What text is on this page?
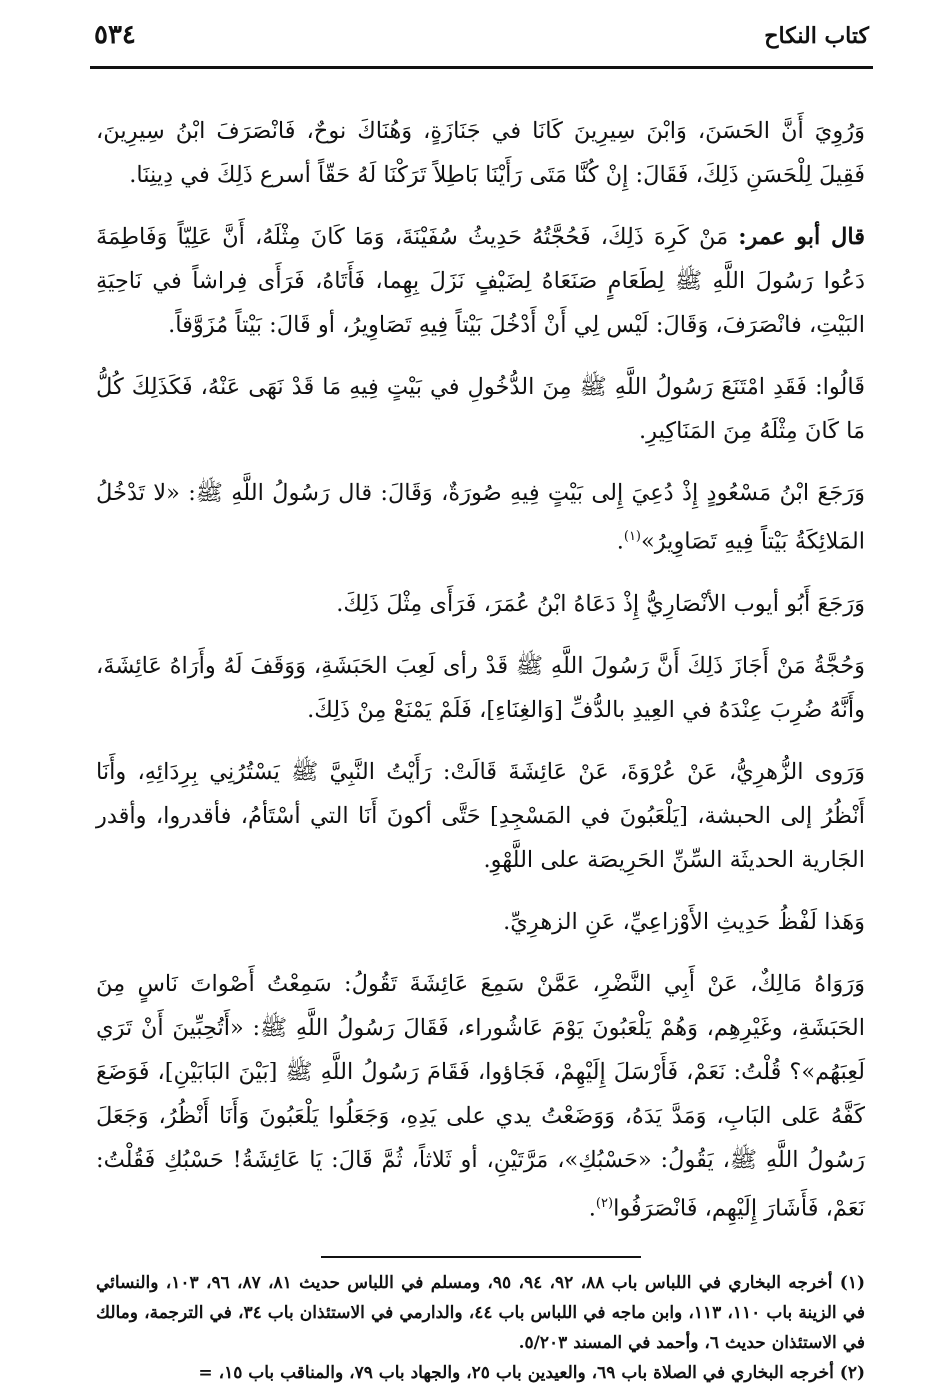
كتاب النكاح
٥٣٤

وَرُوِيَ أَنَّ الحَسَنَ، وَابْنَ سِيرِينَ كَانَا في جَنَازَةٍ، وَهُنَاكَ نوحٌ، فَانْصَرَفَ ابْنُ سِيرِينَ، فَقِيلَ لِلْحَسَنِ ذَلِكَ، فَقَالَ: إِنْ كُنَّا مَتَى رَأَيْنَا بَاطِلاً تَرَكْنَا لَهُ حَقّاً أسرع ذَلِكَ في دِينِنَا.

قال أبو عمر: مَنْ كَرِهَ ذَلِكَ، فَحُجَّتُهُ حَدِيثُ سُفَيْنَةَ، وَمَا كَانَ مِثْلَهُ، أَنَّ عَلِيّاً وَفَاطِمَةَ دَعُوا رَسُولَ اللَّهِ ﷺ لِطَعَامٍ صَنَعَاهُ لِضَيْفٍ نَزَلَ بِهِما، فَأَتَاهُ، فَرَأَى فِراشاً في نَاحِيَةِ البَيْتِ، فانْصَرَفَ، وَقَالَ: لَيْس لِي أَنْ أَدْخُلَ بَيْتاً فِيهِ تَصَاوِيرُ، أو قَالَ: بَيْتاً مُزَوَّقاً.

قَالُوا: فَقَدِ امْتَنَعَ رَسُولُ اللَّهِ ﷺ مِنَ الدُّخُولِ في بَيْتٍ فِيهِ مَا قَدْ نَهَى عَنْهُ، فَكَذَلِكَ كُلُّ مَا كَانَ مِثْلَهُ مِنَ المَنَاكِيرِ.

وَرَجَعَ ابْنُ مَسْعُودٍ إِذْ دُعِيَ إِلى بَيْتٍ فِيهِ صُورَةٌ، وَقَالَ: قال رَسُولُ اللَّهِ ﷺ: «لا تَدْخُلُ المَلائِكَةُ بَيْتاً فِيهِ تَصَاوِيرُ»$^{(١)}$.

وَرَجَعَ أَبُو أيوب الأنْصَارِيُّ إِذْ دَعَاهُ ابْنُ عُمَرَ، فَرَأَى مِثْلَ ذَلِكَ.

وَحُجَّةُ مَنْ أَجَازَ ذَلِكَ أَنَّ رَسُولَ اللَّهِ ﷺ قَدْ رأى لَعِبَ الحَبَشَةِ، وَوَقَفَ لَهُ وأَرَاهُ عَائِشَةَ، وأَنَّهُ ضُرِبَ عِنْدَهُ في العِيدِ بالدُّفِّ [وَالغِنَاءِ]، فَلَمْ يَمْنَعْ مِنْ ذَلِكَ.

وَرَوى الزُّهرِيُّ، عَنْ عُرْوَةَ، عَنْ عَائِشَةَ قَالَتْ: رَأَيْتُ النَّبِيَّ ﷺ يَسْتُرُنِي بِرِدَائِهِ، وأَنَا أَنْظُرُ إلى الحبشة، [يَلْعَبُونَ في المَسْجِدِ] حَتَّى أكونَ أَنَا التي أسْتَأمُ، فأقدروا، وأقدر الجَارية الحديثَة السِّنِّ الحَرِيصَة على اللَّهْوِ.

وَهَذا لَفْظُ حَدِيثِ الأَوْزاعِيِّ، عَنِ الزهرِيِّ.

وَرَوَاهُ مَالِكٌ، عَنْ أَبِي النَّضْرِ، عَمَّنْ سَمِعَ عَائِشَةَ تَقُولُ: سَمِعْتُ أَصْواتَ نَاسٍ مِنَ الحَبَشَةِ، وغَيْرِهِم، وَهُمْ يَلْعَبُونَ يَوْمَ عَاشُوراء، فَقَالَ رَسُولُ اللَّهِ ﷺ: «أَتُحِبِّينَ أَنْ تَرَي لَعِبَهُم»؟ قُلْتُ: نَعَمْ، فَأَرْسَلَ إِلَيْهِمْ، فَجَاؤوا، فَقَامَ رَسُولُ اللَّهِ ﷺ [بَيْنَ البَابَيْنِ]، فَوَضَعَ كَفَّهُ عَلى البَابِ، وَمَدَّ يَدَهُ، وَوَضَعْتُ يدي على يَدِهِ، وَجَعَلُوا يَلْعَبُونَ وَأَنَا أَنْظُرُ، وَجَعَلَ رَسُولُ اللَّهِ ﷺ، يَقُولُ: «حَسْبُكِ»، مَرَّتَيْنِ، أو ثَلاثاً، ثُمَّ قَالَ: يَا عَائِشَةُ! حَسْبُكِ فَقُلْتُ: نَعَمْ، فَأَشَارَ إِلَيْهِم، فَانْصَرَفُوا$^{(٢)}$.

(١) أخرجه البخاري في اللباس باب ٨٨، ٩٢، ٩٤، ٩٥، ومسلم في اللباس حديث ٨١، ٨٧، ٩٦، ١٠٣، والنسائي في الزينة باب ١١٠، ١١٣، وابن ماجه في اللباس باب ٤٤، والدارمي في الاستئذان باب ٣٤، في الترجمة، ومالك في الاستئذان حديث ٦، وأحمد في المسند ٥/٢٠٣.

(٢) أخرجه البخاري في الصلاة باب ٦٩، والعيدين باب ٢٥، والجهاد باب ٧٩، والمناقب باب ١٥، =
